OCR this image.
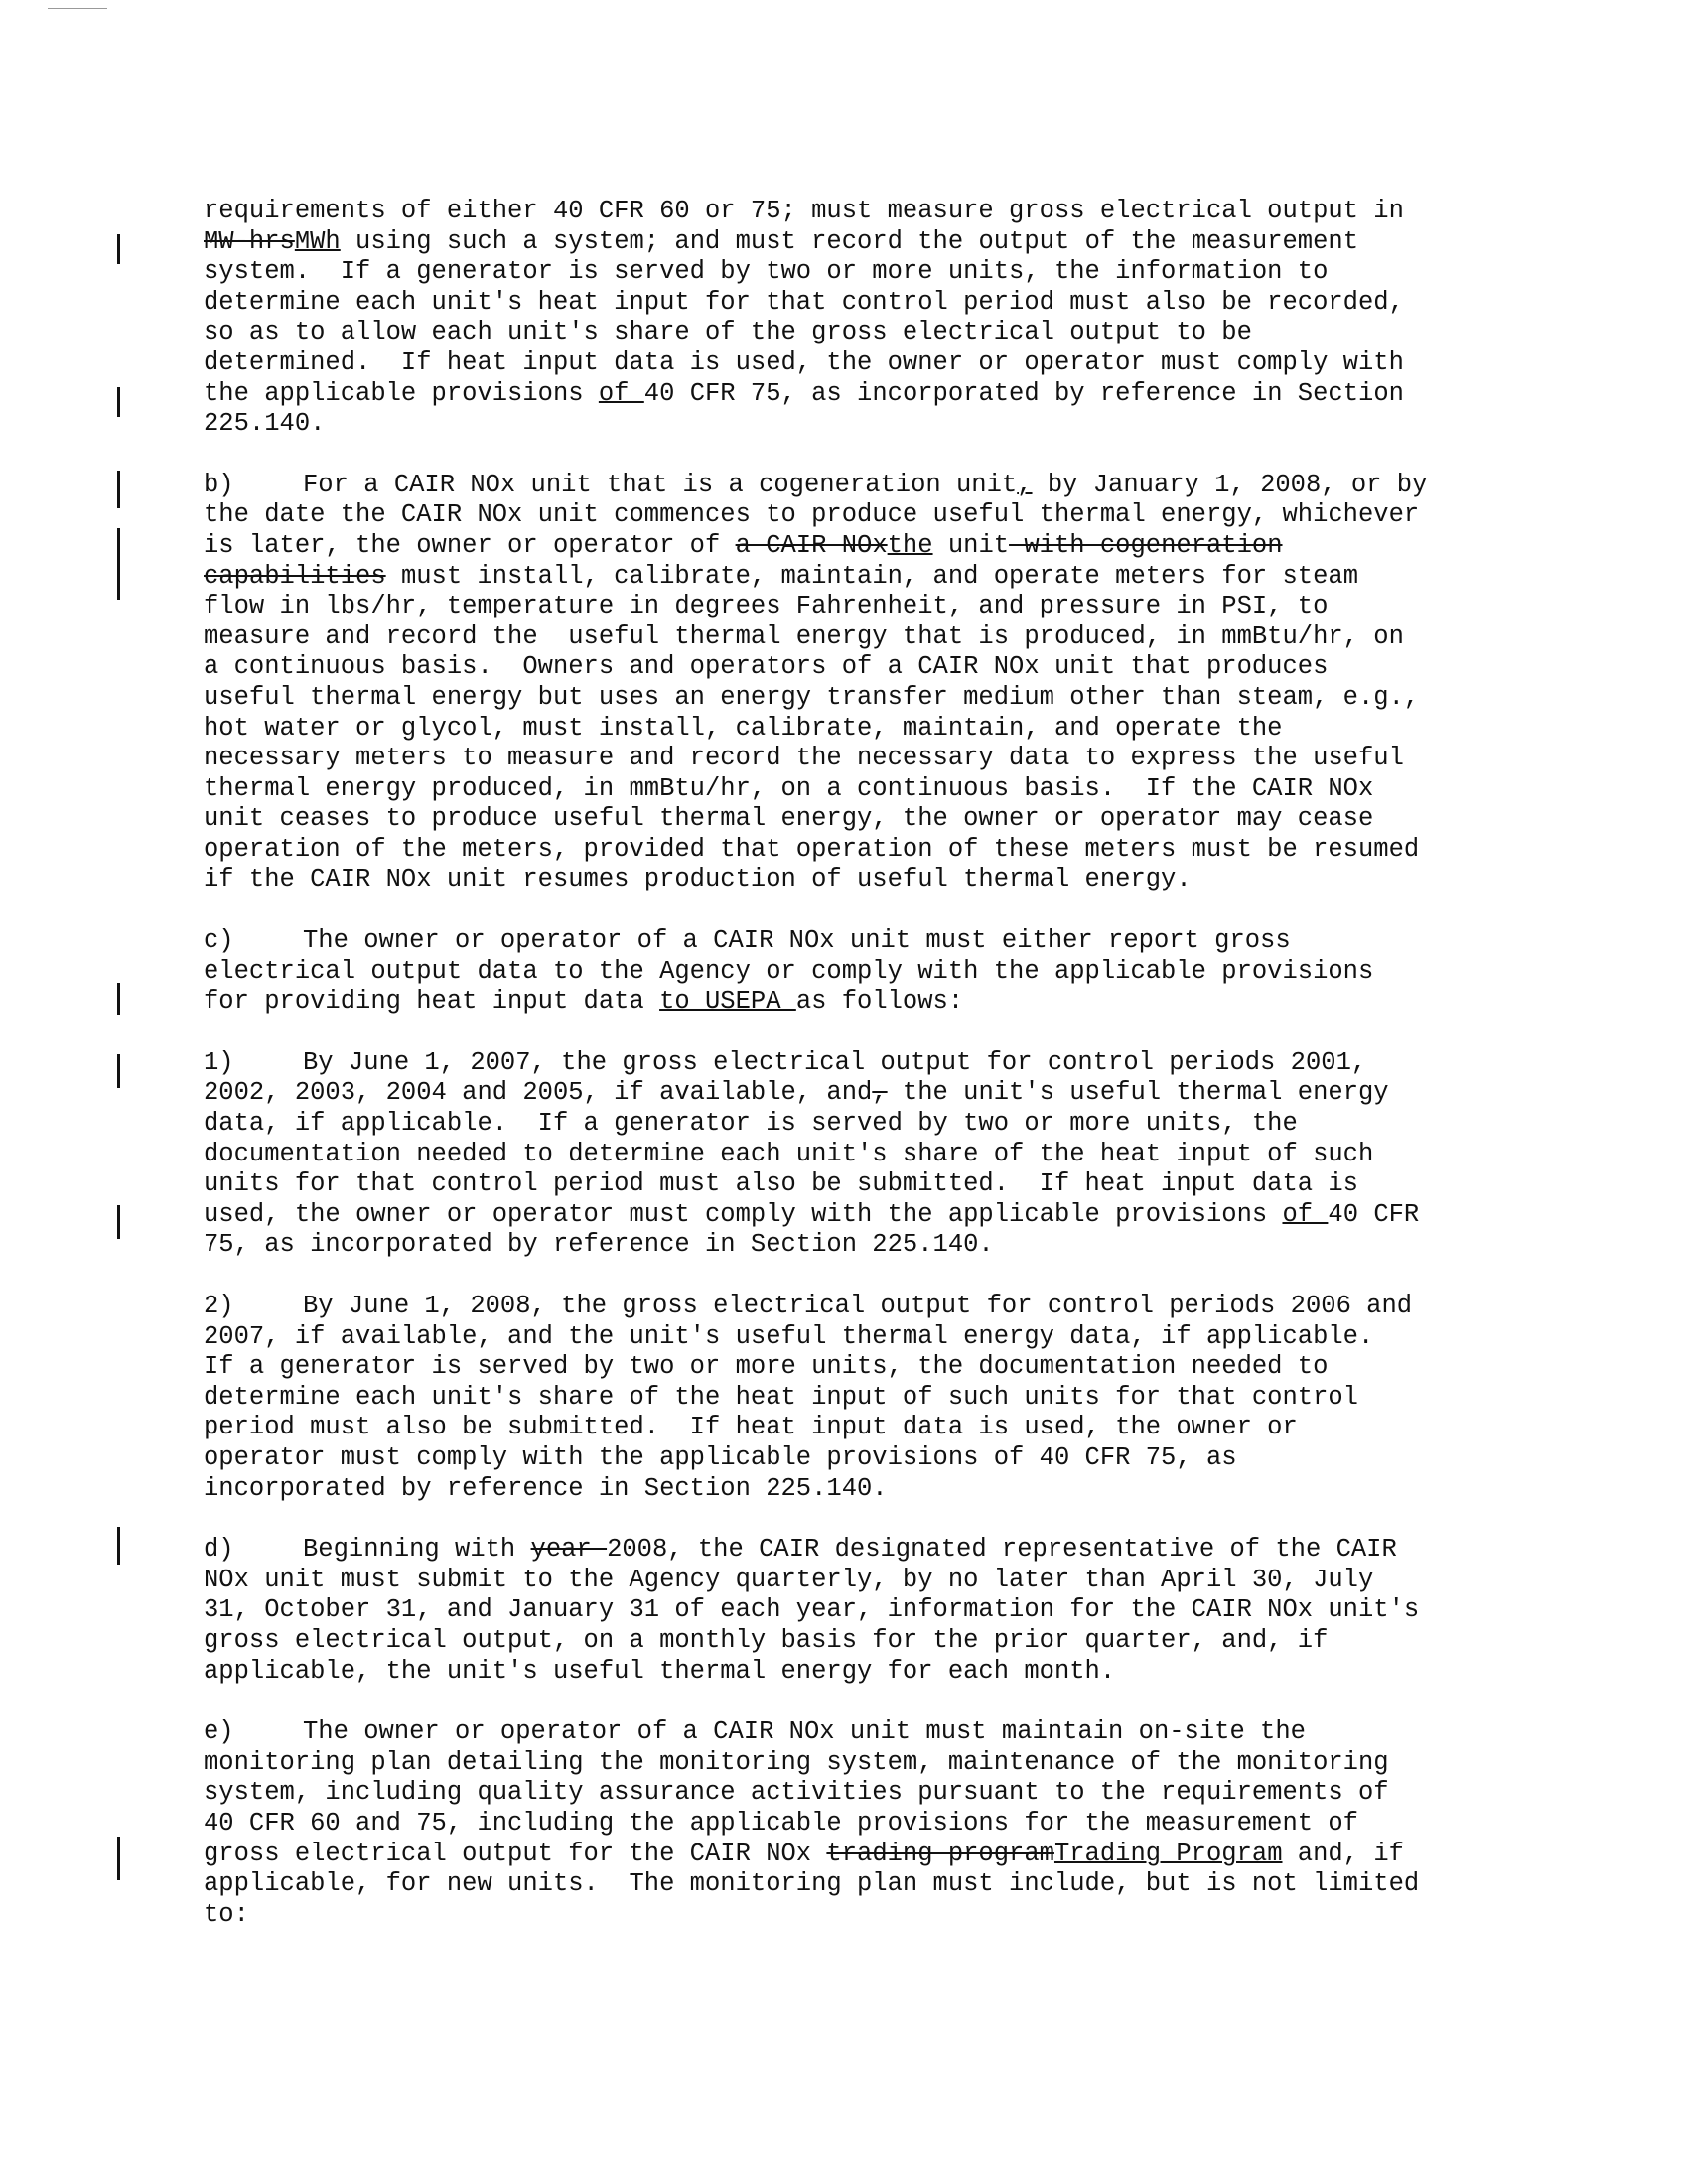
requirements of either 40 CFR 60 or 75; must measure gross electrical output in
MW-hrsMWh using such a system; and must record the output of the measurement
system.  If a generator is served by two or more units, the information to
determine each unit's heat input for that control period must also be recorded,
so as to allow each unit's share of the gross electrical output to be
determined.  If heat input data is used, the owner or operator must comply with
the applicable provisions of 40 CFR 75, as incorporated by reference in Section
225.140.
b)	For a CAIR NOx unit that is a cogeneration unit, by January 1, 2008, or by
the date the CAIR NOx unit commences to produce useful thermal energy, whichever
is later, the owner or operator of a CAIR NOxthe unit with cogeneration
capabilities must install, calibrate, maintain, and operate meters for steam
flow in lbs/hr, temperature in degrees Fahrenheit, and pressure in PSI, to
measure and record the  useful thermal energy that is produced, in mmBtu/hr, on
a continuous basis.  Owners and operators of a CAIR NOx unit that produces
useful thermal energy but uses an energy transfer medium other than steam, e.g.,
hot water or glycol, must install, calibrate, maintain, and operate the
necessary meters to measure and record the necessary data to express the useful
thermal energy produced, in mmBtu/hr, on a continuous basis.  If the CAIR NOx
unit ceases to produce useful thermal energy, the owner or operator may cease
operation of the meters, provided that operation of these meters must be resumed
if the CAIR NOx unit resumes production of useful thermal energy.
c)	The owner or operator of a CAIR NOx unit must either report gross
electrical output data to the Agency or comply with the applicable provisions
for providing heat input data to USEPA as follows:
1)	By June 1, 2007, the gross electrical output for control periods 2001,
2002, 2003, 2004 and 2005, if available, and, the unit's useful thermal energy
data, if applicable.  If a generator is served by two or more units, the
documentation needed to determine each unit's share of the heat input of such
units for that control period must also be submitted.  If heat input data is
used, the owner or operator must comply with the applicable provisions of 40 CFR
75, as incorporated by reference in Section 225.140.
2)	By June 1, 2008, the gross electrical output for control periods 2006 and
2007, if available, and the unit's useful thermal energy data, if applicable.
If a generator is served by two or more units, the documentation needed to
determine each unit's share of the heat input of such units for that control
period must also be submitted.  If heat input data is used, the owner or
operator must comply with the applicable provisions of 40 CFR 75, as
incorporated by reference in Section 225.140.
d)	Beginning with year 2008, the CAIR designated representative of the CAIR
NOx unit must submit to the Agency quarterly, by no later than April 30, July
31, October 31, and January 31 of each year, information for the CAIR NOx unit's
gross electrical output, on a monthly basis for the prior quarter, and, if
applicable, the unit's useful thermal energy for each month.
e)	The owner or operator of a CAIR NOx unit must maintain on-site the
monitoring plan detailing the monitoring system, maintenance of the monitoring
system, including quality assurance activities pursuant to the requirements of
40 CFR 60 and 75, including the applicable provisions for the measurement of
gross electrical output for the CAIR NOx trading programTrading Program and, if
applicable, for new units.  The monitoring plan must include, but is not limited
to:
